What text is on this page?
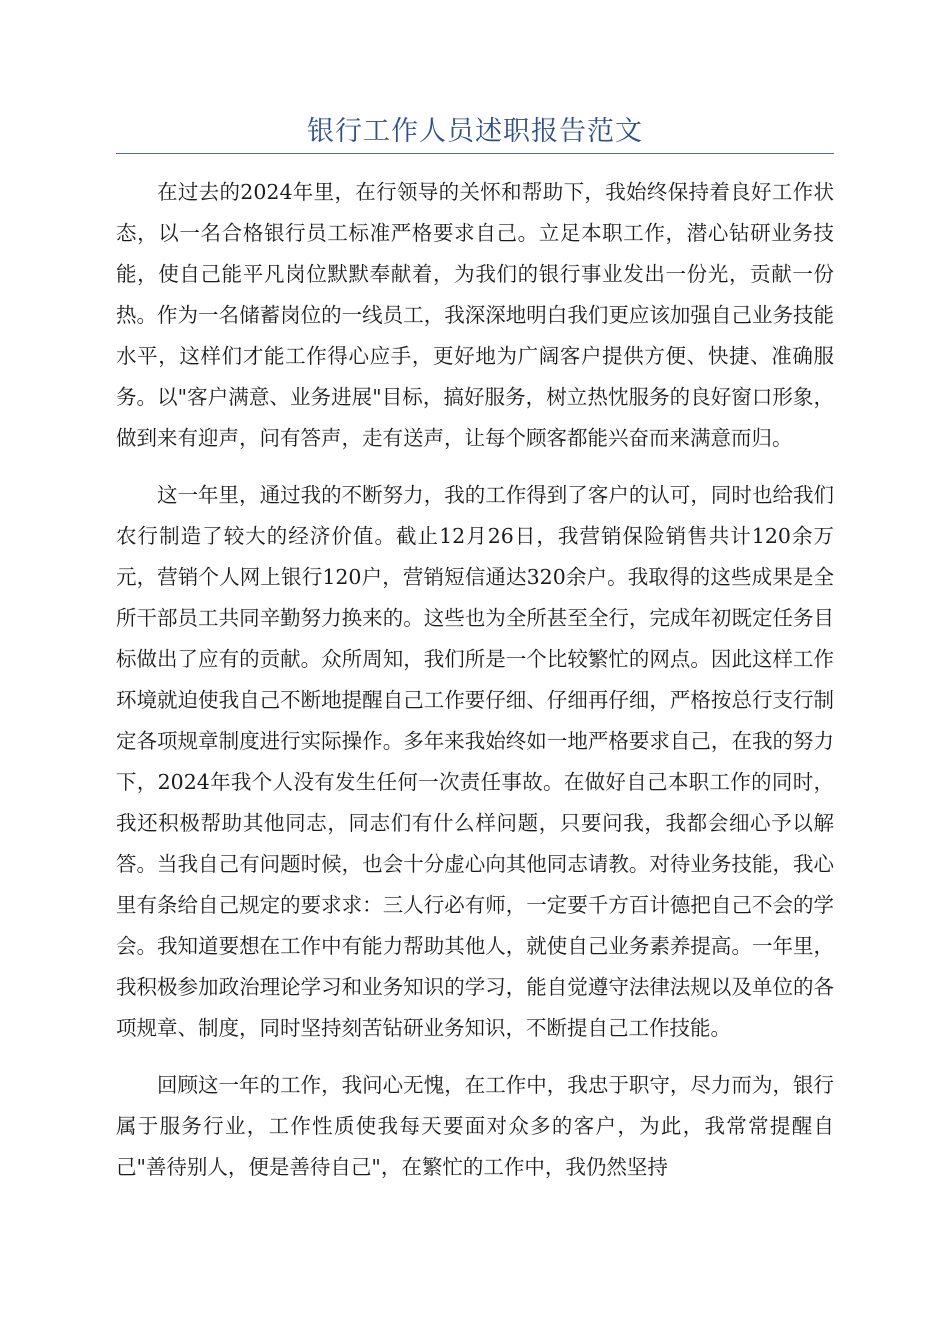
银行工作人员述职报告范文

在过去的2024年里，在行领导的关怀和帮助下，我始终保持着良好工作状态，以一名合格银行员工标准严格要求自己。立足本职工作，潜心钻研业务技能，使自己能平凡岗位默默奉献着，为我们的银行事业发出一份光，贡献一份热。作为一名储蓄岗位的一线员工，我深深地明白我们更应该加强自己业务技能水平，这样们才能工作得心应手，更好地为广阔客户提供方便、快捷、准确服务。以"客户满意、业务进展"目标，搞好服务，树立热忱服务的良好窗口形象，做到来有迎声，问有答声，走有送声，让每个顾客都能兴奋而来满意而归。

这一年里，通过我的不断努力，我的工作得到了客户的认可，同时也给我们农行制造了较大的经济价值。截止12月26日，我营销保险销售共计120余万元，营销个人网上银行120户，营销短信通达320余户。我取得的这些成果是全所干部员工共同辛勤努力换来的。这些也为全所甚至全行，完成年初既定任务目标做出了应有的贡献。众所周知，我们所是一个比较繁忙的网点。因此这样工作环境就迫使我自己不断地提醒自己工作要仔细、仔细再仔细，严格按总行支行制定各项规章制度进行实际操作。多年来我始终如一地严格要求自己，在我的努力下，2024年我个人没有发生任何一次责任事故。在做好自己本职工作的同时，我还积极帮助其他同志，同志们有什么样问题，只要问我，我都会细心予以解答。当我自己有问题时候，也会十分虚心向其他同志请教。对待业务技能，我心里有条给自己规定的要求求：三人行必有师，一定要千方百计德把自己不会的学会。我知道要想在工作中有能力帮助其他人，就使自己业务素养提高。一年里，我积极参加政治理论学习和业务知识的学习，能自觉遵守法律法规以及单位的各项规章、制度，同时坚持刻苦钻研业务知识，不断提自己工作技能。

回顾这一年的工作，我问心无愧，在工作中，我忠于职守，尽力而为，银行属于服务行业，工作性质使我每天要面对众多的客户，为此，我常常提醒自己"善待别人，便是善待自己"，在繁忙的工作中，我仍然坚持
